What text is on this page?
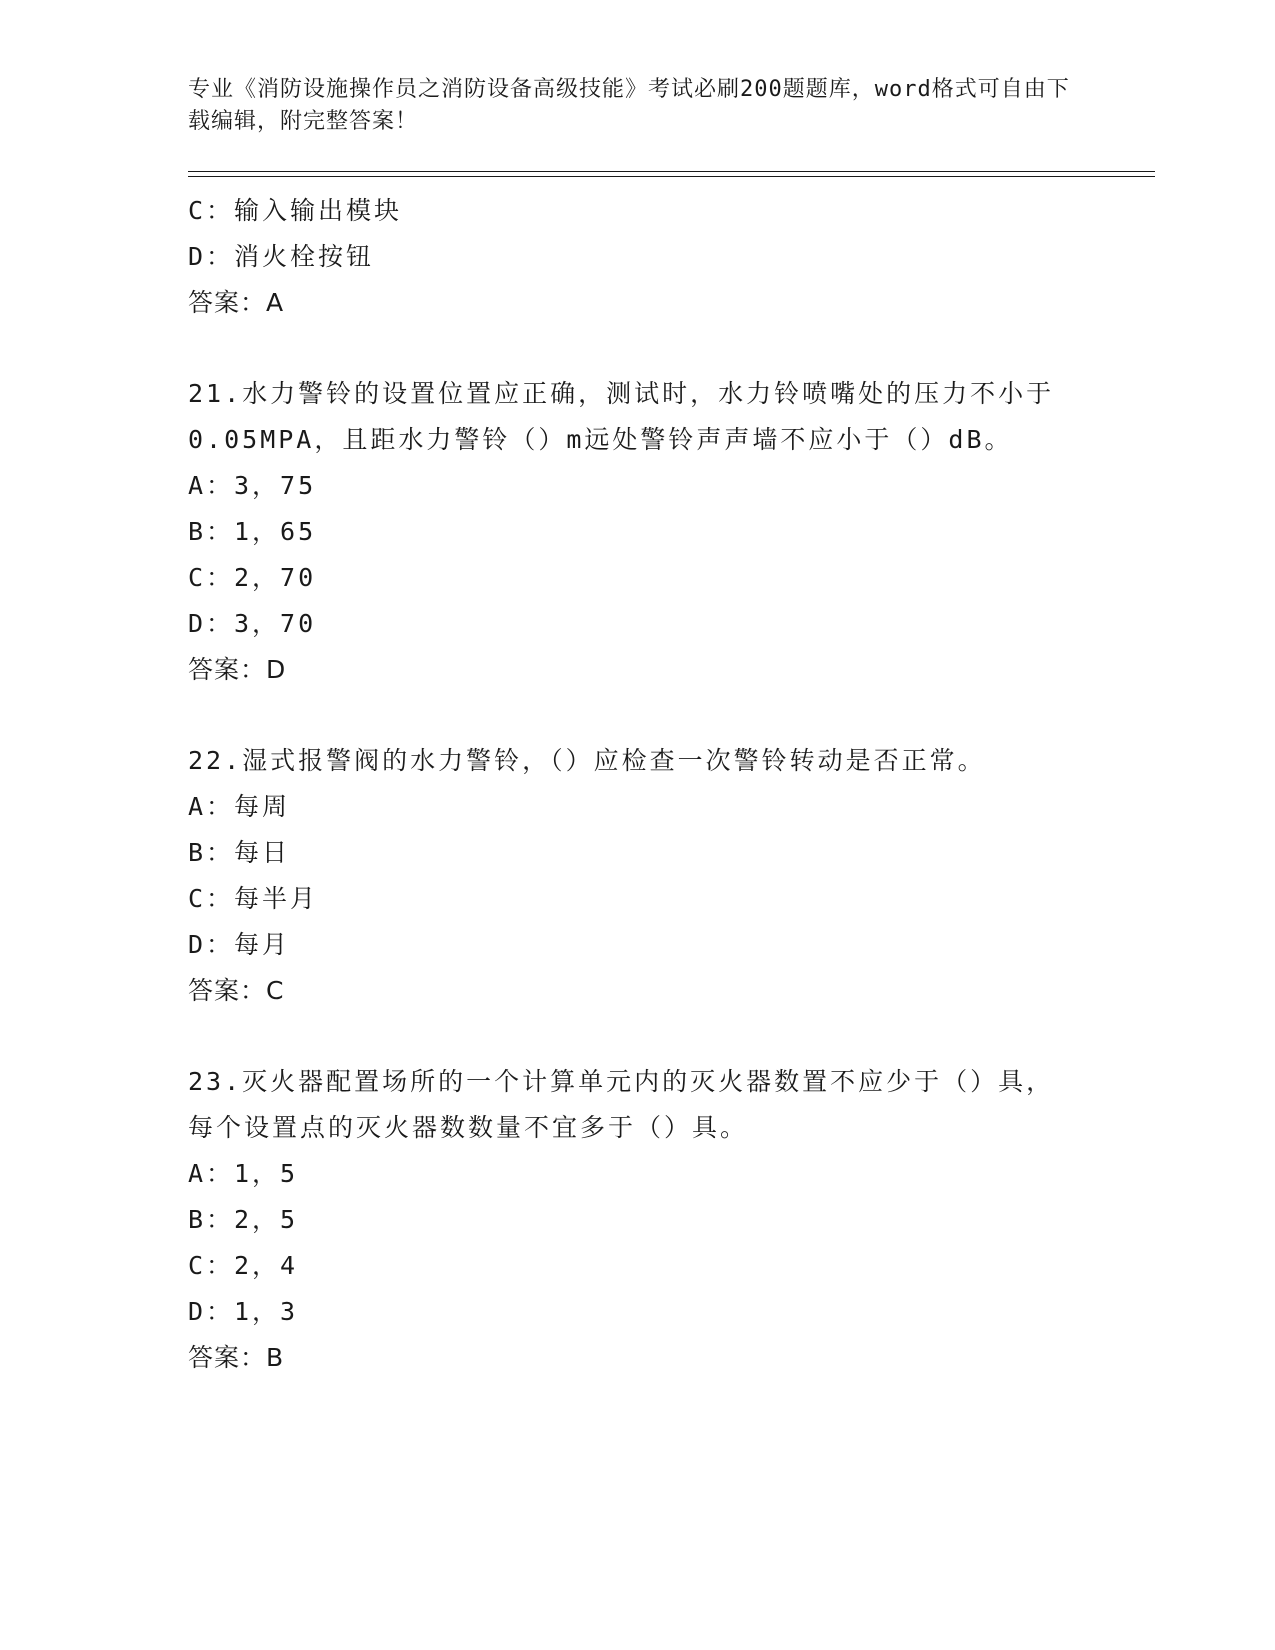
专业《消防设施操作员之消防设备高级技能》考试必刷200题题库，word格式可自由下载编辑，附完整答案！
C：输入输出模块
D：消火栓按钮
答案：A
21.水力警铃的设置位置应正确，测试时，水力铃喷嘴处的压力不小于
0.05MPA，且距水力警铃（）m远处警铃声声墙不应小于（）dB。
A：3，75
B：1，65
C：2，70
D：3，70
答案：D
22.湿式报警阀的水力警铃，（）应检查一次警铃转动是否正常。
A：每周
B：每日
C：每半月
D：每月
答案：C
23.灭火器配置场所的一个计算单元内的灭火器数置不应少于（）具，
每个设置点的灭火器数数量不宜多于（）具。
A：1，5
B：2，5
C：2，4
D：1，3
答案：B
